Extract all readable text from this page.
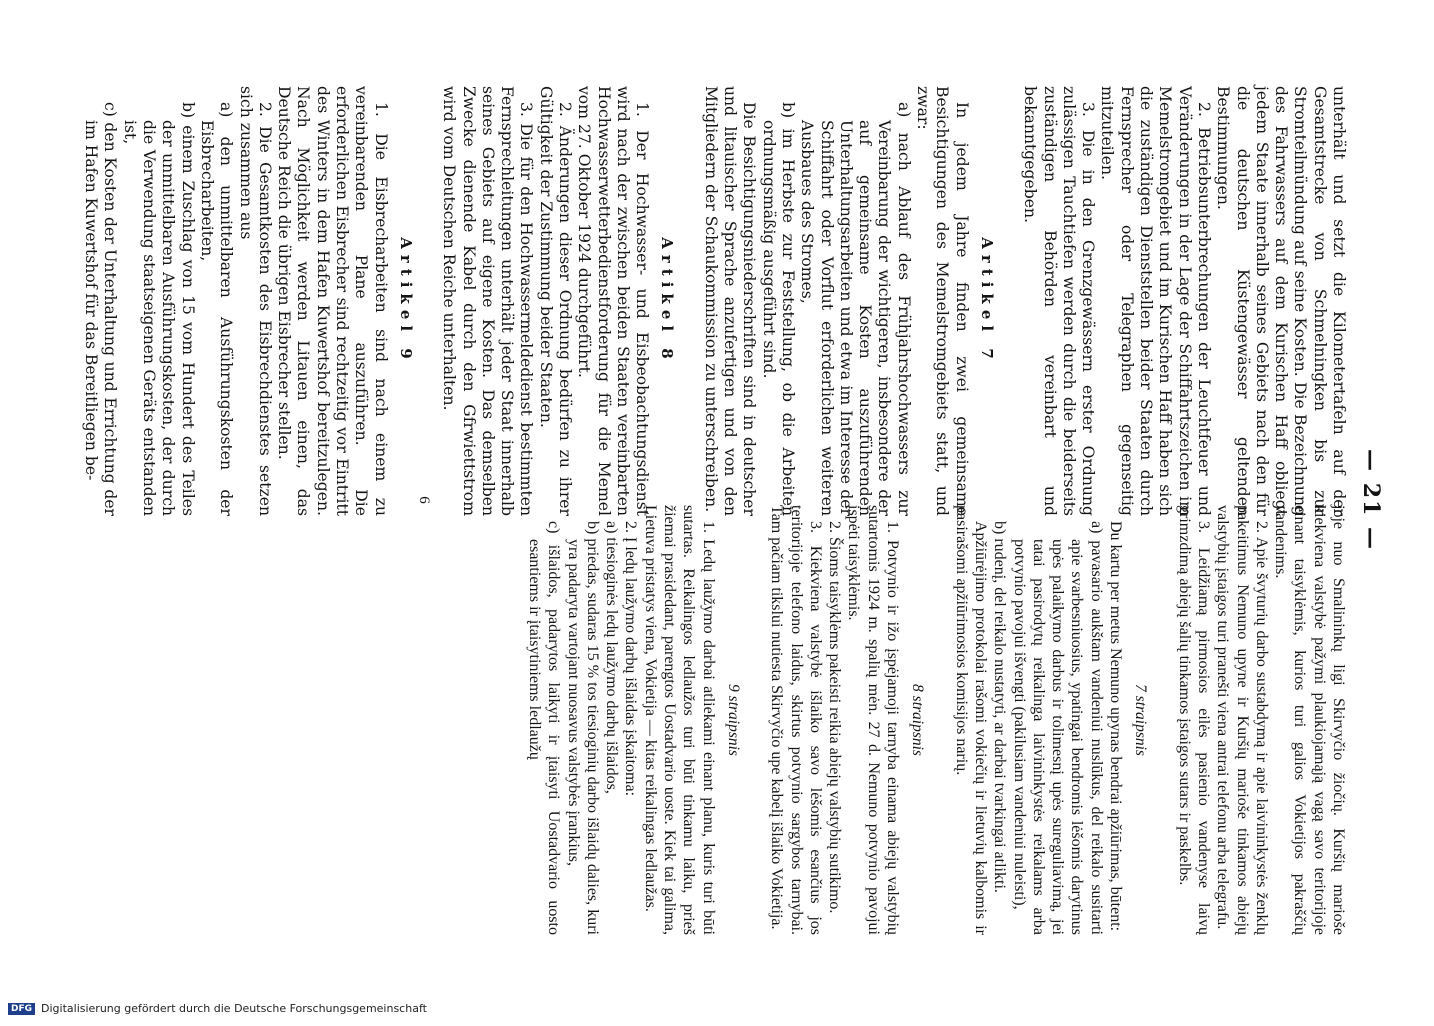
— 21 —

unterhält und setzt die Kilometertafeln auf der Gesamtstrecke von Schmelningken bis zur Stromteilmündung auf seine Kosten. Die Bezeichnung des Fahrwassers auf dem Kurischen Haff obliegt jedem Staate innerhalb seines Gebiets nach den für die deutschen Küstengewässer geltenden Bestimmungen.

2. Betriebsunterbrechungen der Leuchtfeuer und Veränderungen in der Lage der Schiffahrtszeichen im Memelstromgebiet und im Kurischen Haff haben sich die zuständigen Dienststellen beider Staaten durch Fernsprecher oder Telegraphen gegenseitig mitzuteilen.

3. Die in den Grenzgewässern erster Ordnung zulässigen Tauchtiefen werden durch die beiderseits zuständigen Behörden vereinbart und bekanntgegeben.

Artikel 7

In jedem Jahre finden zwei gemeinsame Besichtigungen des Memelstromgebiets statt, und zwar:

a) nach Ablauf des Frühjahrshochwassers zur Vereinbarung der wichtigeren, insbesondere der auf gemeinsame Kosten auszuführenden Unterhaltungsarbeiten und etwa im Interesse der Schiffahrt oder Vorflut erforderlichen weiteren Ausbaues des Stromes,

b) im Herbste zur Feststellung, ob die Arbeiten ordnungsmäßig ausgeführt sind.

Die Besichtigungsniederschriften sind in deutscher und litauischer Sprache anzufertigen und von den Mitgliedern der Schaukommission zu unterschreiben.

Artikel 8

1. Der Hochwasser- und Eisbeobachtungsdienst wird nach der zwischen beiden Staaten vereinbarten Hochwasserwetterbedienstforderung für die Memel vom 27. Oktober 1924 durchgeführt.

2. Änderungen dieser Ordnung bedürfen zu ihrer Gültigkeit der Zustimmung beider Staaten.

3. Die für den Hochwassermeldedienst bestimmten Fernsprechleitungen unterhält jeder Staat innerhalb seines Gebiets auf eigene Kosten. Das demselben Zwecke dienende Kabel durch den Gfrwiettstrom wird vom Deutschen Reiche unterhalten.

Artikel 9

1. Die Eisbrecharbeiten sind nach einem zu vereinbarenden Plane auszuführen. Die erforderlichen Eisbrecher sind rechtzeitig vor Eintritt des Winters in dem Hafen Kuwertshof bereitzulegen. Nach Möglichkeit werden Litauen einen, das Deutsche Reich die übrigen Eisbrecher stellen.

2. Die Gesamtkosten des Eisbrechdienstes setzen sich zusammen aus

a) den unmittelbaren Ausführungskosten der Eisbrecharbeiten,

b) einem Zuschlag von 15 vom Hundert des Teiles der unmittelbaren Ausführungskosten, der durch die Verwendung staatseigenen Geräts entstanden ist,

c) den Kosten der Unterhaltung und Errichtung der im Hafen Kuwertshof für das Bereitliegen be-

joje nuo Smalininkų ligi Skirvyčio žiočių. Kuršių marioše kiekviena valstybė pažymi plaukiojamąją vagą savo teritorijoje einant taisyklėmis, kurios turi galios Vokietijos pakraščių vandenims.

2. Apie švyturių darbo sustabdymą ir apie laivininkystės ženklų pakeitimus Nemuno upyne ir Kuršių marioše tinkamos abiejų valstybių įstaigos turi pranešti viena antrai telefonu arba telegrafu.

3. Leidžiamą pirmosios eilės pasienio vandenyse laivų grimzdimą abiejų šalių tinkamos įstaigos sutars ir paskelbs.

7 straipsnis

Du kartu per metus Nemuno upynas bendrai apžiūrimas, būtent:

a) pavasario aukštam vandeniui nuslūkus, del reikalo susitarti apie svarbesniuosius, ypatingai bendromis lėšomis darytinus upės palaikymo darbus ir tolimesnį upės sureguliavimą, jei tatai pasirodytų reikalinga laivininkystės reikalams arba potvynio pavojui išvengti (pakilusiam vandeniui nuleisti),

b) rudenį, del reikalo nustatyti, ar darbai tvarkingai atlikti.

Apžiūrėjimo protokolai rašomi vokiečių ir lietuvių kalbomis ir pasirašomi apžiūrimosios komisijos narių.

8 straipsnis

1. Potvynio ir ižo įspėjamoji tarnyba einama abiejų valstybių sutartomis 1924 m. spalių mėn. 27 d. Nemuno potvynio pavojui įspėti taisyklėmis.

2. Šioms taisyklėms pakeisti reikia abiejų valstybių sutikimo.

3. Kiekviena valstybė išlaiko savo lėšomis esančius jos teritorijoje telefono laidus, skirtus potvynio sargybos tarnybai. Tam pačiam tikslui nutiesta Skirvyčio upe kabelį išlaiko Vokietija.

9 straipsnis

1. Ledų laužymo darbai atliekami einant planu, kuris turi būti sutartas. Reikalingos ledlaužos turi būti tinkamu laiku, prieš žiemai prasidedant, parengtos Uostadvario uoste. Kiek tai galima, Lietuva pristatys viena, Vokietija — kitas reikalingas ledlaužas.

2. Į ledų laužymo darbų išlaidas įskaitoma:

a) tiesioginės ledų laužymo darbų išlaidos,

b) priedas, sudaras 15 % tos tiesioginių darbo išlaidų dalies, kuri yra padaryta vartojant nuosavus valstybės įrankius,

c) išlaidos, padarytos laikyti ir įtaisyti Uostadvario uosto esantiems ir įtaisytiniems ledlaužų

6
DFG Digitalisierung gefördert durch die Deutsche Forschungsgemeinschaft
